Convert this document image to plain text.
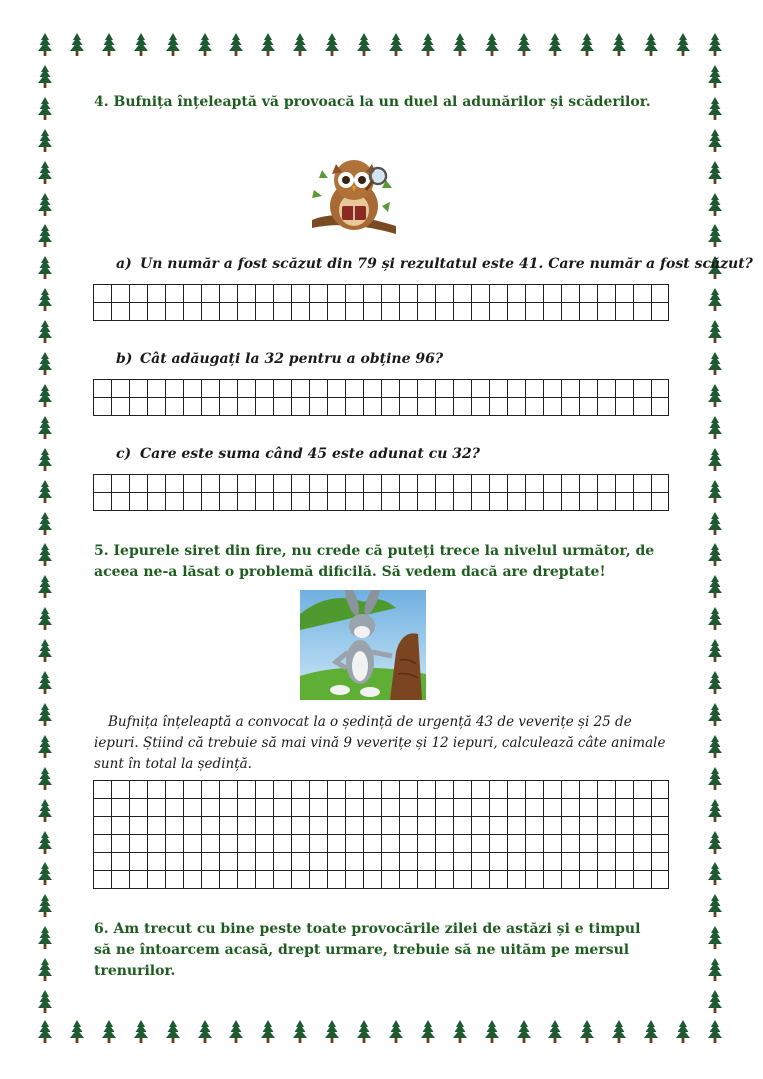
4. Bufnița înțeleaptă vă provoacă la un duel al adunărilor și scăderilor.

a) Un număr a fost scăzut din 79 și rezultatul este 41. Care număr a fost scăzut?

b) Cât adăugați la 32 pentru a obține 96?

c) Care este suma când 45 este adunat cu 32?

5. Iepurele siret din fire, nu crede că puteți trece la nivelul următor, de aceea ne-a lăsat o problemă dificilă. Să vedem dacă are dreptate!

Bufnița înțeleaptă a convocat la o ședință de urgență 43 de veverițe și 25 de iepuri. Știind că trebuie să mai vină 9 veverițe și 12 iepuri, calculează câte animale sunt în total la ședință.

6. Am trecut cu bine peste toate provocările zilei de astăzi și e timpul să ne întoarcem acasă, drept urmare, trebuie să ne uităm pe mersul trenurilor.
